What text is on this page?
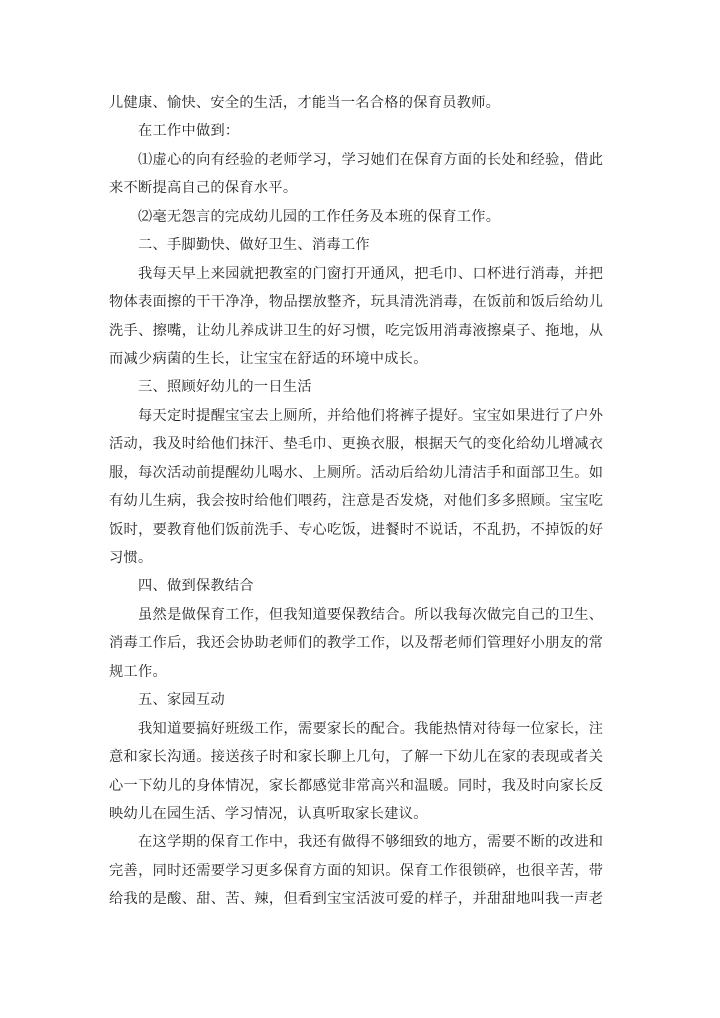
儿健康、愉快、安全的生活，才能当一名合格的保育员教师。
在工作中做到：
⑴虚心的向有经验的老师学习，学习她们在保育方面的长处和经验，借此
来不断提高自己的保育水平。
⑵毫无怨言的完成幼儿园的工作任务及本班的保育工作。
二、手脚勤快、做好卫生、消毒工作
我每天早上来园就把教室的门窗打开通风，把毛巾、口杯进行消毒，并把
物体表面擦的干干净净，物品摆放整齐，玩具清洗消毒，在饭前和饭后给幼儿
洗手、擦嘴，让幼儿养成讲卫生的好习惯，吃完饭用消毒液擦桌子、拖地，从
而减少病菌的生长，让宝宝在舒适的环境中成长。
三、照顾好幼儿的一日生活
每天定时提醒宝宝去上厕所，并给他们将裤子提好。宝宝如果进行了户外
活动，我及时给他们抹汗、垫毛巾、更换衣服，根据天气的变化给幼儿增减衣
服，每次活动前提醒幼儿喝水、上厕所。活动后给幼儿清洁手和面部卫生。如
有幼儿生病，我会按时给他们喂药，注意是否发烧，对他们多多照顾。宝宝吃
饭时，要教育他们饭前洗手、专心吃饭，进餐时不说话，不乱扔，不掉饭的好
习惯。
四、做到保教结合
虽然是做保育工作，但我知道要保教结合。所以我每次做完自己的卫生、
消毒工作后，我还会协助老师们的教学工作，以及帮老师们管理好小朋友的常
规工作。
五、家园互动
我知道要搞好班级工作，需要家长的配合。我能热情对待每一位家长，注
意和家长沟通。接送孩子时和家长聊上几句，了解一下幼儿在家的表现或者关
心一下幼儿的身体情况，家长都感觉非常高兴和温暖。同时，我及时向家长反
映幼儿在园生活、学习情况，认真听取家长建议。
在这学期的保育工作中，我还有做得不够细致的地方，需要不断的改进和
完善，同时还需要学习更多保育方面的知识。保育工作很锁碎，也很辛苦，带
给我的是酸、甜、苦、辣，但看到宝宝活波可爱的样子，并甜甜地叫我一声老
